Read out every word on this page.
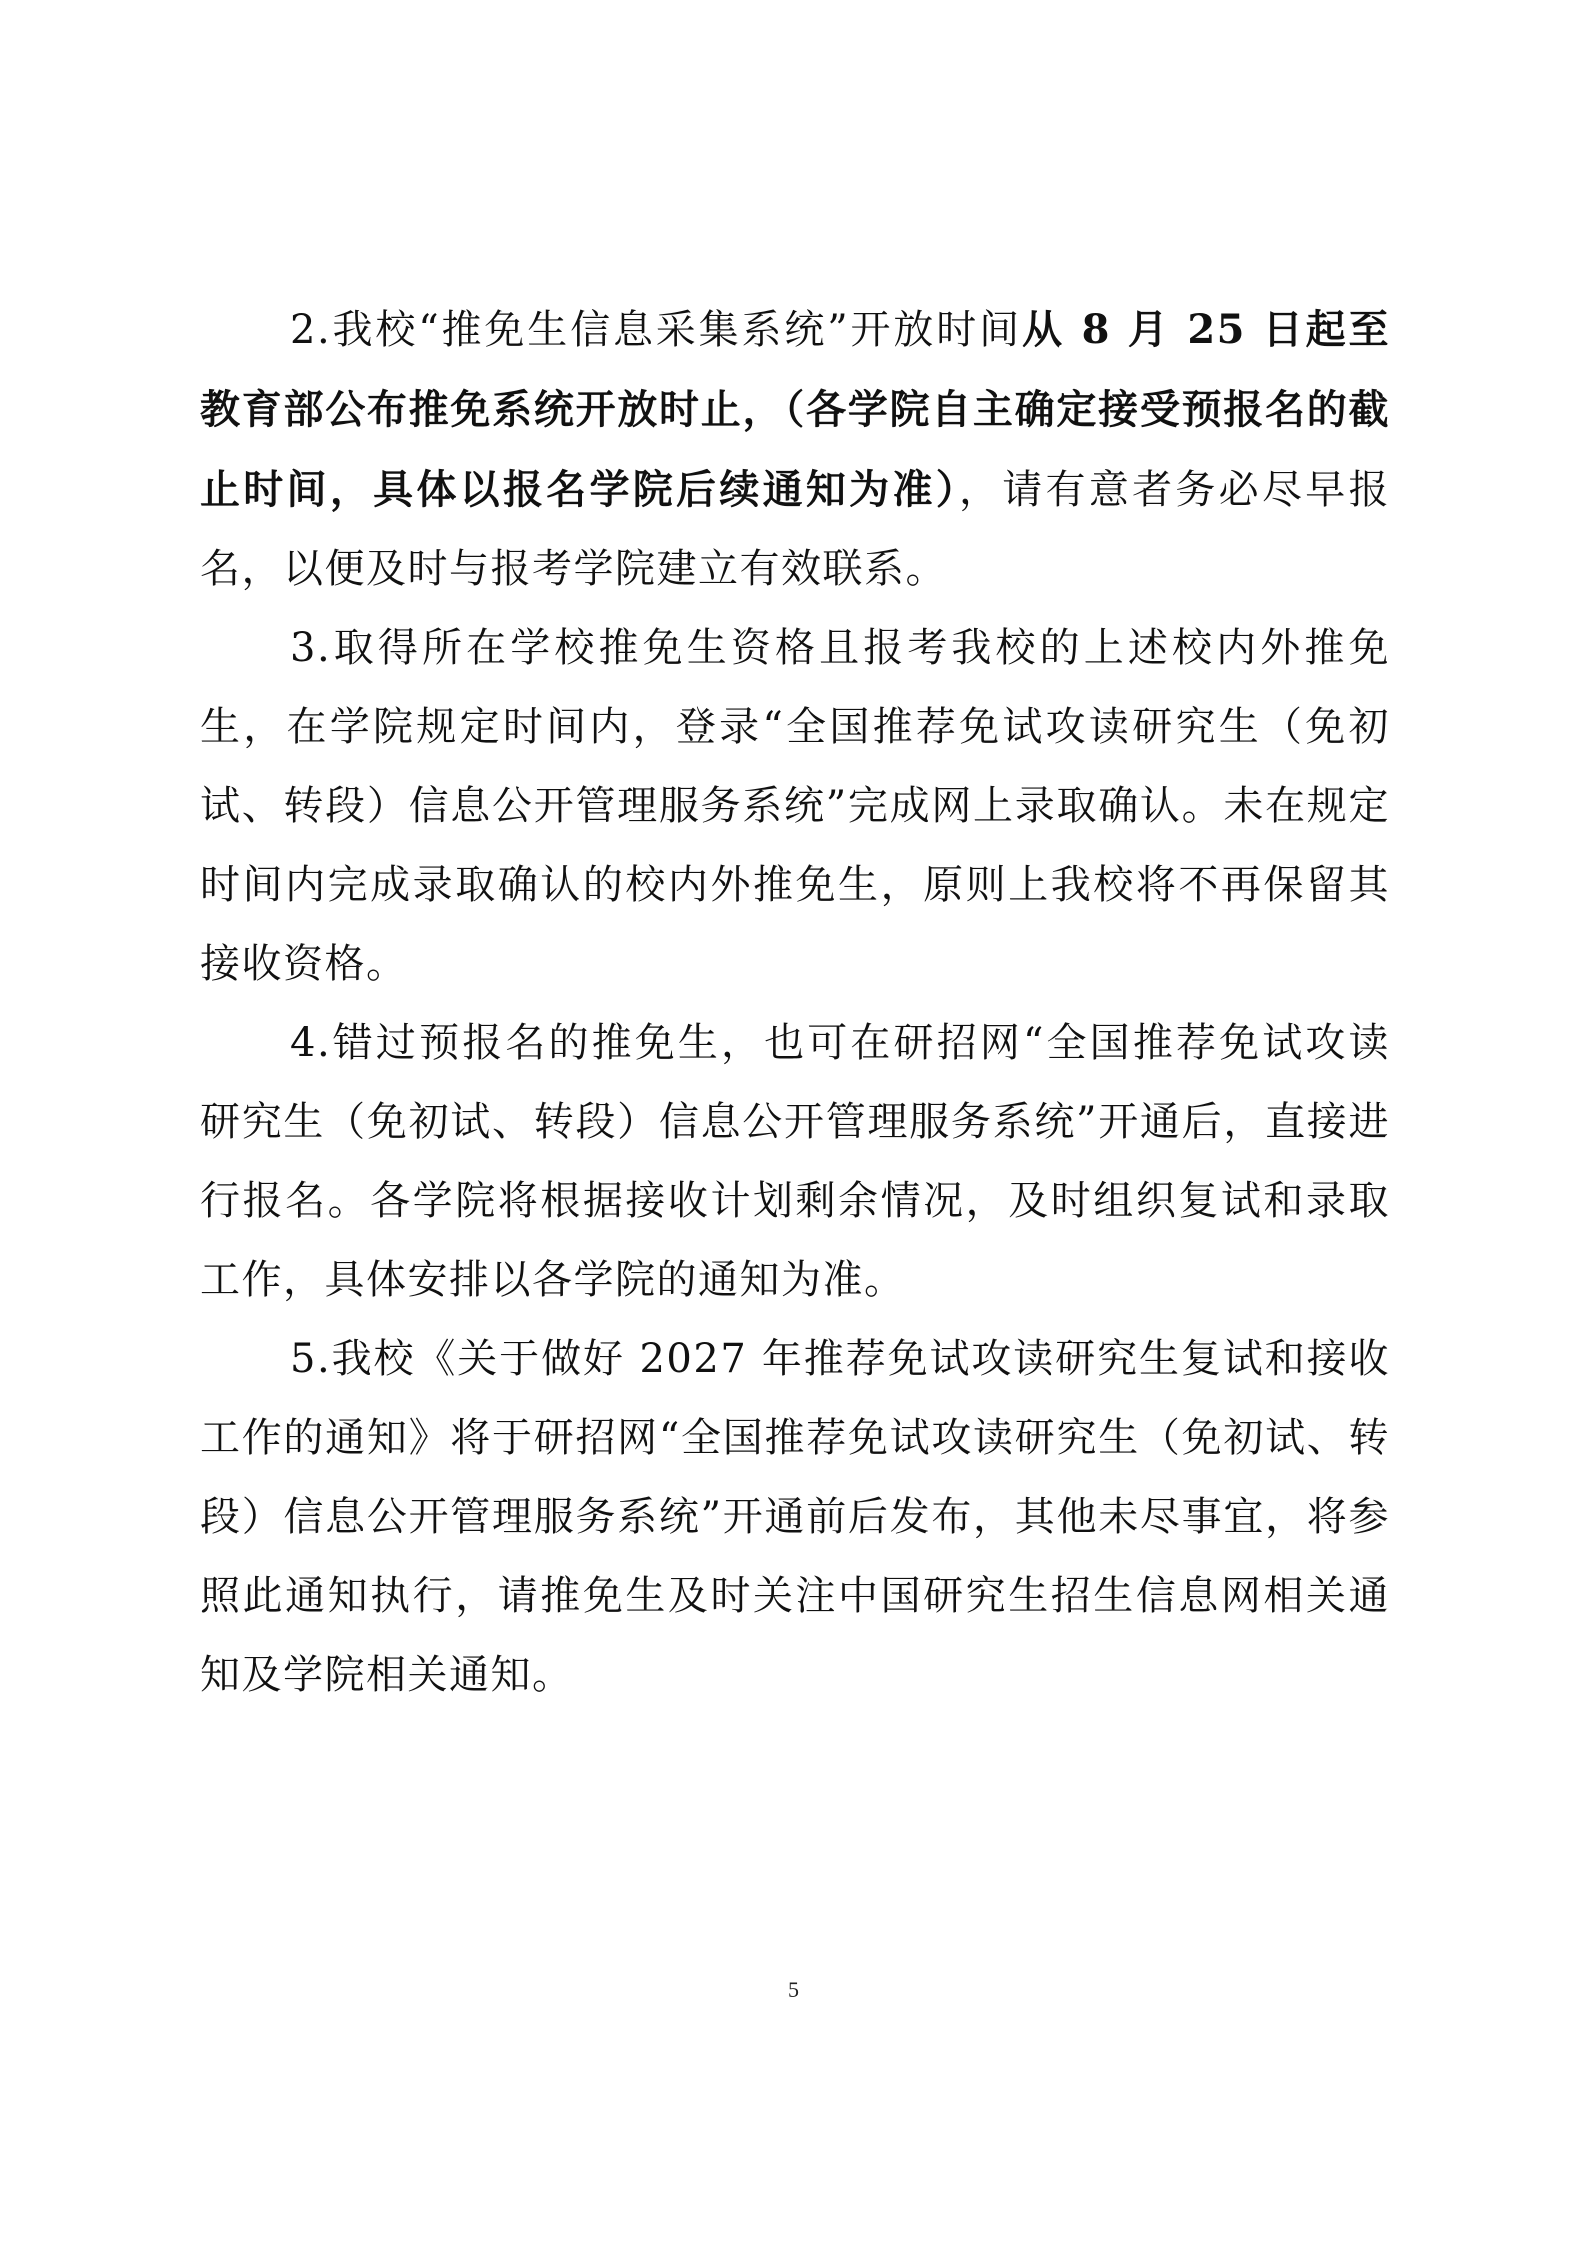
2.我校“推免生信息采集系统”开放时间从 8 月 25 日起至教育部公布推免系统开放时止，（各学院自主确定接受预报名的截止时间，具体以报名学院后续通知为准），请有意者务必尽早报名，以便及时与报考学院建立有效联系。

3.取得所在学校推免生资格且报考我校的上述校内外推免生，在学院规定时间内，登录“全国推荐免试攻读研究生（免初试、转段）信息公开管理服务系统”完成网上录取确认。未在规定时间内完成录取确认的校内外推免生，原则上我校将不再保留其接收资格。

4.错过预报名的推免生，也可在研招网“全国推荐免试攻读研究生（免初试、转段）信息公开管理服务系统”开通后，直接进行报名。各学院将根据接收计划剩余情况，及时组织复试和录取工作，具体安排以各学院的通知为准。

5.我校《关于做好 2027 年推荐免试攻读研究生复试和接收工作的通知》将于研招网“全国推荐免试攻读研究生（免初试、转段）信息公开管理服务系统”开通前后发布，其他未尽事宜，将参照此通知执行，请推免生及时关注中国研究生招生信息网相关通知及学院相关通知。

5
